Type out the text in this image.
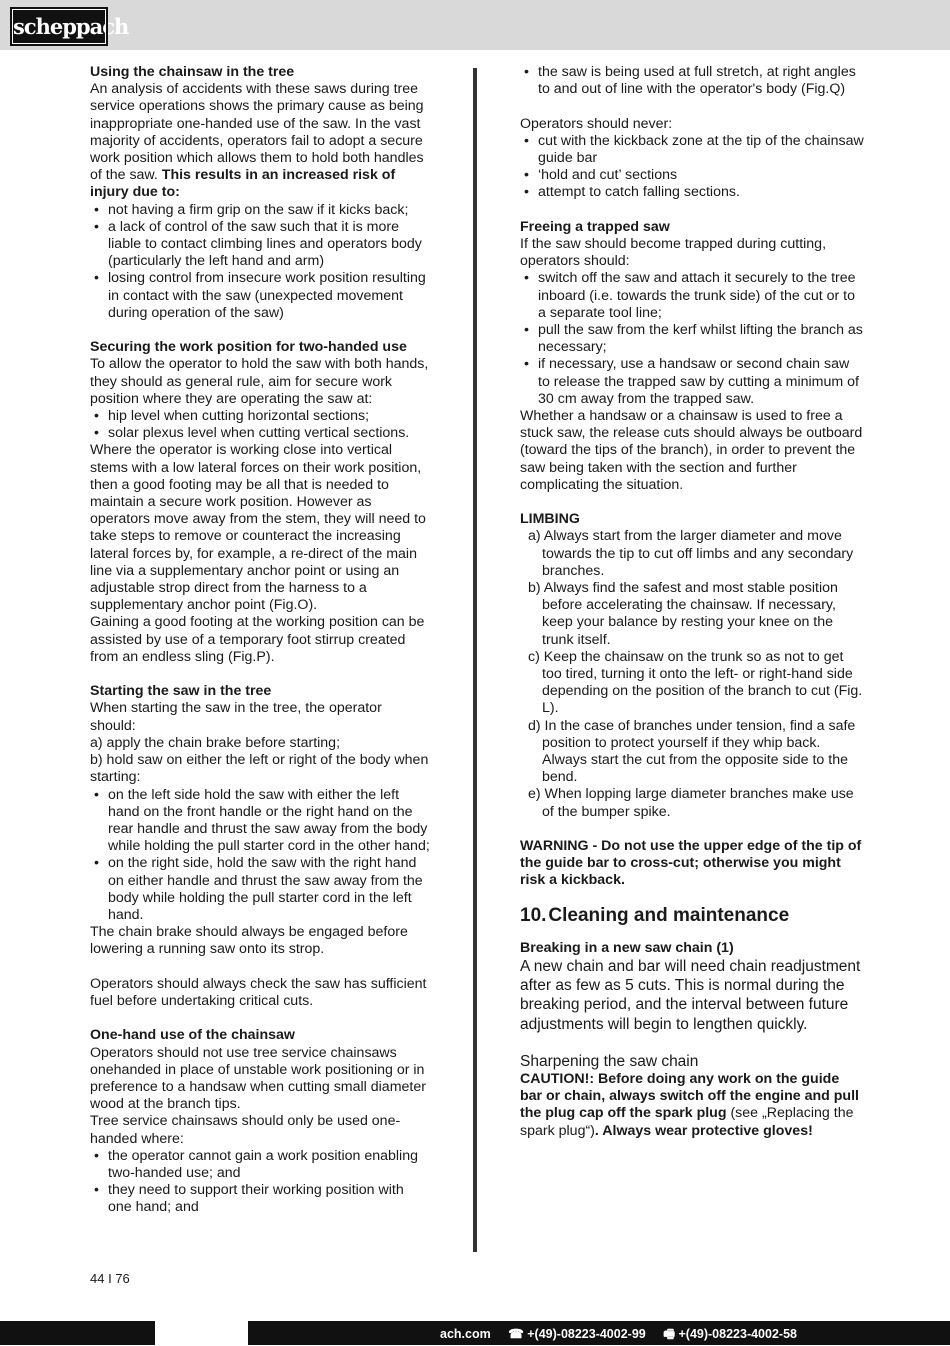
scheppach

Using the chainsaw in the tree

An analysis of accidents with these saws during tree service operations shows the primary cause as being inappropriate one-handed use of the saw. In the vast majority of accidents, operators fail to adopt a secure work position which allows them to hold both handles of the saw. This results in an increased risk of injury due to:

• not having a firm grip on the saw if it kicks back;
• a lack of control of the saw such that it is more liable to contact climbing lines and operators body (particularly the left hand and arm)
• losing control from insecure work position resulting in contact with the saw (unexpected movement during operation of the saw)

Securing the work position for two-handed use

To allow the operator to hold the saw with both hands, they should as general rule, aim for secure work position where they are operating the saw at:

• hip level when cutting horizontal sections;
• solar plexus level when cutting vertical sections.

Where the operator is working close into vertical stems with a low lateral forces on their work position, then a good footing may be all that is needed to maintain a secure work position. However as operators move away from the stem, they will need to take steps to remove or counteract the increasing lateral forces by, for example, a re-direct of the main line via a supplementary anchor point or using an adjustable strop direct from the harness to a supplementary anchor point (Fig.O).

Gaining a good footing at the working position can be assisted by use of a temporary foot stirrup created from an endless sling (Fig.P).

Starting the saw in the tree

When starting the saw in the tree, the operator should:

a) apply the chain brake before starting;

b) hold saw on either the left or right of the body when starting:

• on the left side hold the saw with either the left hand on the front handle or the right hand on the rear handle and thrust the saw away from the body while holding the pull starter cord in the other hand;
• on the right side, hold the saw with the right hand on either handle and thrust the saw away from the body while holding the pull starter cord in the left hand.

The chain brake should always be engaged before lowering a running saw onto its strop.

Operators should always check the saw has sufficient fuel before undertaking critical cuts.

One-hand use of the chainsaw

Operators should not use tree service chainsaws onehanded in place of unstable work positioning or in preference to a handsaw when cutting small diameter wood at the branch tips.

Tree service chainsaws should only be used one-handed where:

• the operator cannot gain a work position enabling two-handed use; and
• they need to support their working position with one hand; and
• the saw is being used at full stretch, at right angles to and out of line with the operator's body (Fig.Q)

Operators should never:

• cut with the kickback zone at the tip of the chainsaw guide bar
• ‘hold and cut’ sections
• attempt to catch falling sections.

Freeing a trapped saw

If the saw should become trapped during cutting, operators should:

• switch off the saw and attach it securely to the tree inboard (i.e. towards the trunk side) of the cut or to a separate tool line;
• pull the saw from the kerf whilst lifting the branch as necessary;
• if necessary, use a handsaw or second chain saw to release the trapped saw by cutting a minimum of 30 cm away from the trapped saw.

Whether a handsaw or a chainsaw is used to free a stuck saw, the release cuts should always be outboard (toward the tips of the branch), in order to prevent the saw being taken with the section and further complicating the situation.

LIMBING

a) Always start from the larger diameter and move towards the tip to cut off limbs and any secondary branches.
b) Always find the safest and most stable position before accelerating the chainsaw. If necessary, keep your balance by resting your knee on the trunk itself.
c) Keep the chainsaw on the trunk so as not to get too tired, turning it onto the left- or right-hand side depending on the position of the branch to cut (Fig. L).
d) In the case of branches under tension, find a safe position to protect yourself if they whip back. Always start the cut from the opposite side to the bend.
e) When lopping large diameter branches make use of the bumper spike.

WARNING - Do not use the upper edge of the tip of the guide bar to cross-cut; otherwise you might risk a kickback.

10. Cleaning and maintenance

Breaking in a new saw chain (1)

A new chain and bar will need chain readjustment after as few as 5 cuts. This is normal during the breaking period, and the interval between future adjustments will begin to lengthen quickly.

Sharpening the saw chain

CAUTION!: Before doing any work on the guide bar or chain, always switch off the engine and pull the plug cap off the spark plug (see „Replacing the spark plug“). Always wear protective gloves!

44 I 76
ach.com ☎ +(49)-08223-4002-99 🖷 +(49)-08223-4002-58
